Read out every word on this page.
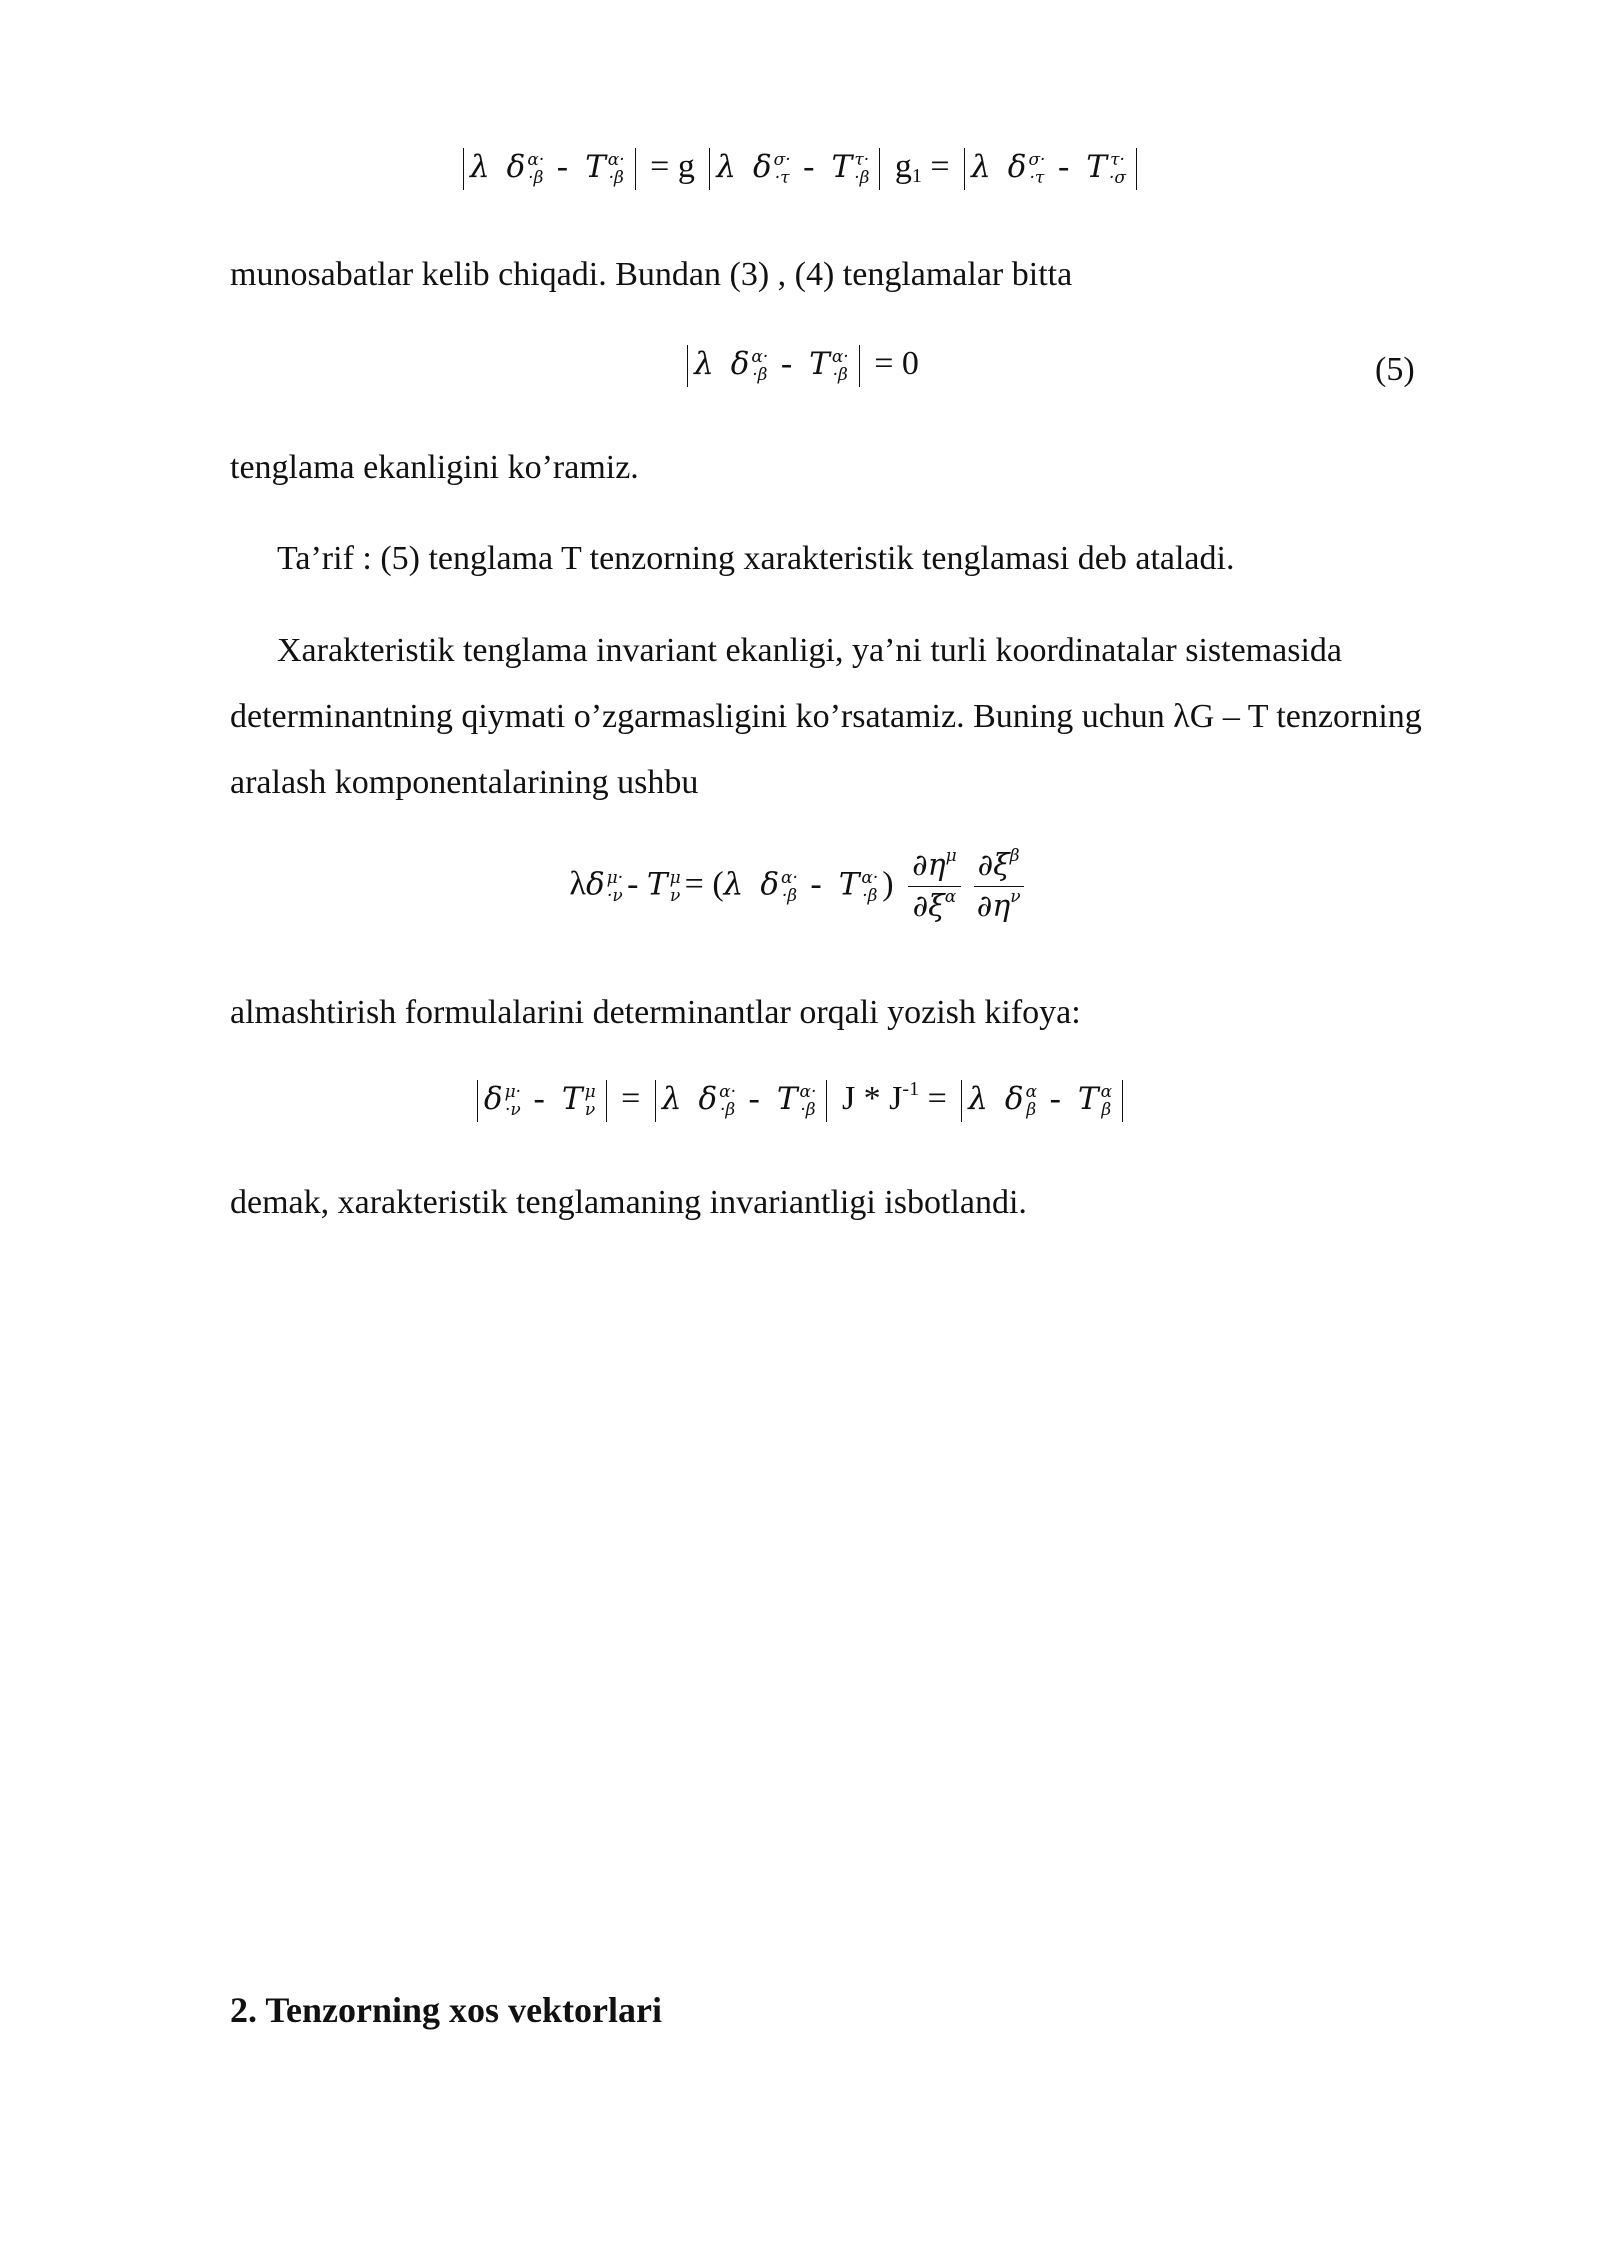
λ δ α·
·β -  T α·
·β = g λ δ σ·
·τ -  T τ·
·β $g_1 = \lambda$ δ σ·
·τ -  T τ·
·σ
munosabatlar kelib chiqadi. Bundan (3) , (4) tenglamalar bitta
λ δ α·
·β -  T α·
·β = 0	(5)
tenglama ekanligini ko’ramiz.
Ta’rif : (5) tenglama T tenzorning xarakteristik tenglamasi deb ataladi.
Xarakteristik tenglama invariant ekanligi, ya’ni turli koordinatalar sistemasida determinantning qiymati o’zgarmasligini ko’rsatamiz. Buning uchun λG – T tenzorning aralash komponentalarining ushbu
λδ μ·
·ν - T μ
ν = (λ δ α·
·β -  T α·
·β ) $\frac{\partial\eta^\mu}{\partial\xi^\alpha} \frac{\partial\xi^\beta}{\partial\eta^\nu}$
almashtirish formulalarini determinantlar orqali yozish kifoya:
δ μ·
·ν -  T μ
ν = λ δ α·
·β -  T α·
·β $J * J^{-1} = \lambda$ δ α
β -  T α
β
demak, xarakteristik tenglamaning invariantligi isbotlandi.
2. Tenzorning xos vektorlari
